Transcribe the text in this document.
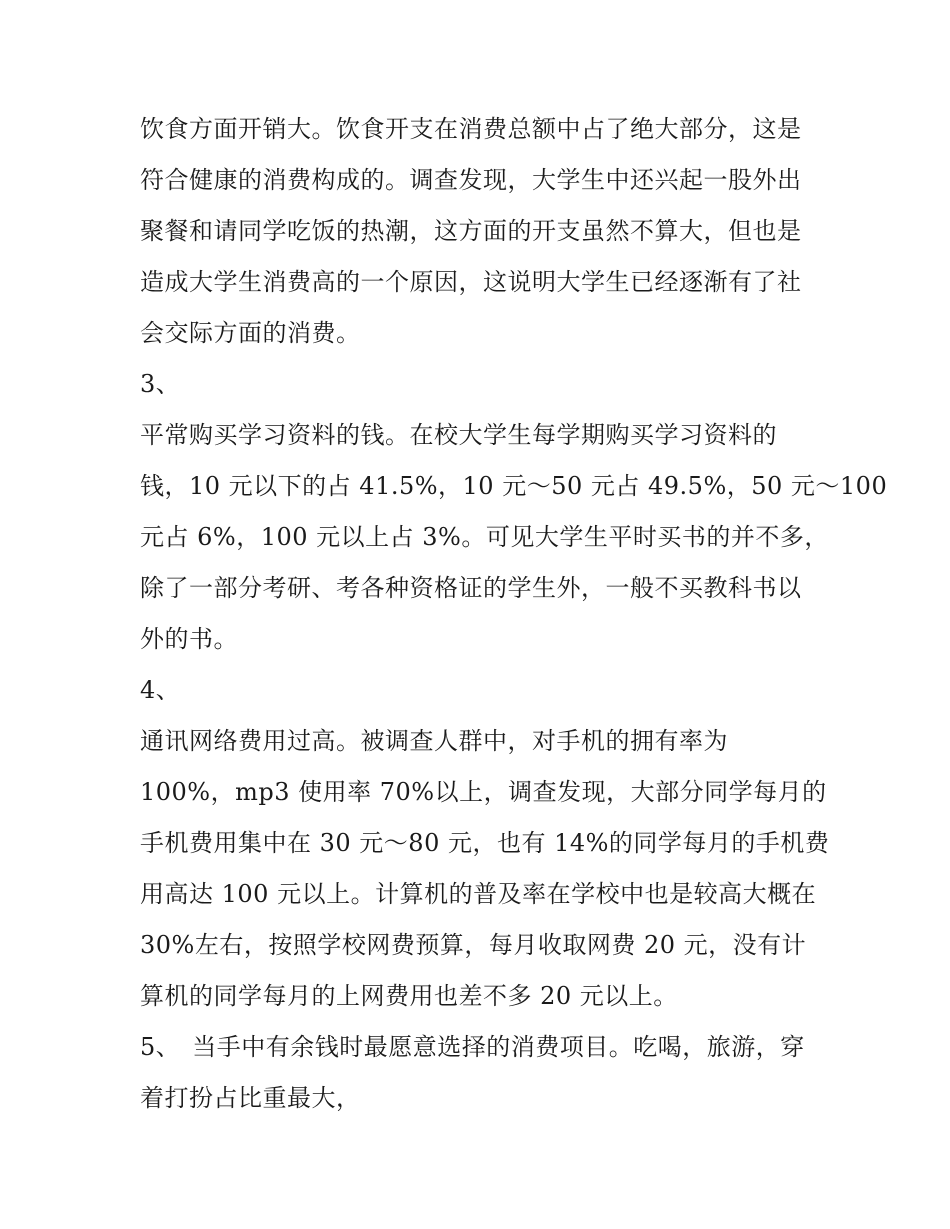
饮食方面开销大。饮食开支在消费总额中占了绝大部分，这是
符合健康的消费构成的。调查发现，大学生中还兴起一股外出
聚餐和请同学吃饭的热潮，这方面的开支虽然不算大，但也是
造成大学生消费高的一个原因，这说明大学生已经逐渐有了社
会交际方面的消费。
3、
平常购买学习资料的钱。在校大学生每学期购买学习资料的
钱，10 元以下的占 41.5%，10 元～50 元占 49.5%，50 元～100
元占 6%，100 元以上占 3%。可见大学生平时买书的并不多，
除了一部分考研、考各种资格证的学生外，一般不买教科书以
外的书。
4、
通讯网络费用过高。被调查人群中，对手机的拥有率为
100%，mp3 使用率 70%以上，调查发现，大部分同学每月的
手机费用集中在 30 元～80 元，也有 14%的同学每月的手机费
用高达 100 元以上。计算机的普及率在学校中也是较高大概在
30%左右，按照学校网费预算，每月收取网费 20 元，没有计
算机的同学每月的上网费用也差不多 20 元以上。
5、 当手中有余钱时最愿意选择的消费项目。吃喝，旅游，穿
着打扮占比重最大，
